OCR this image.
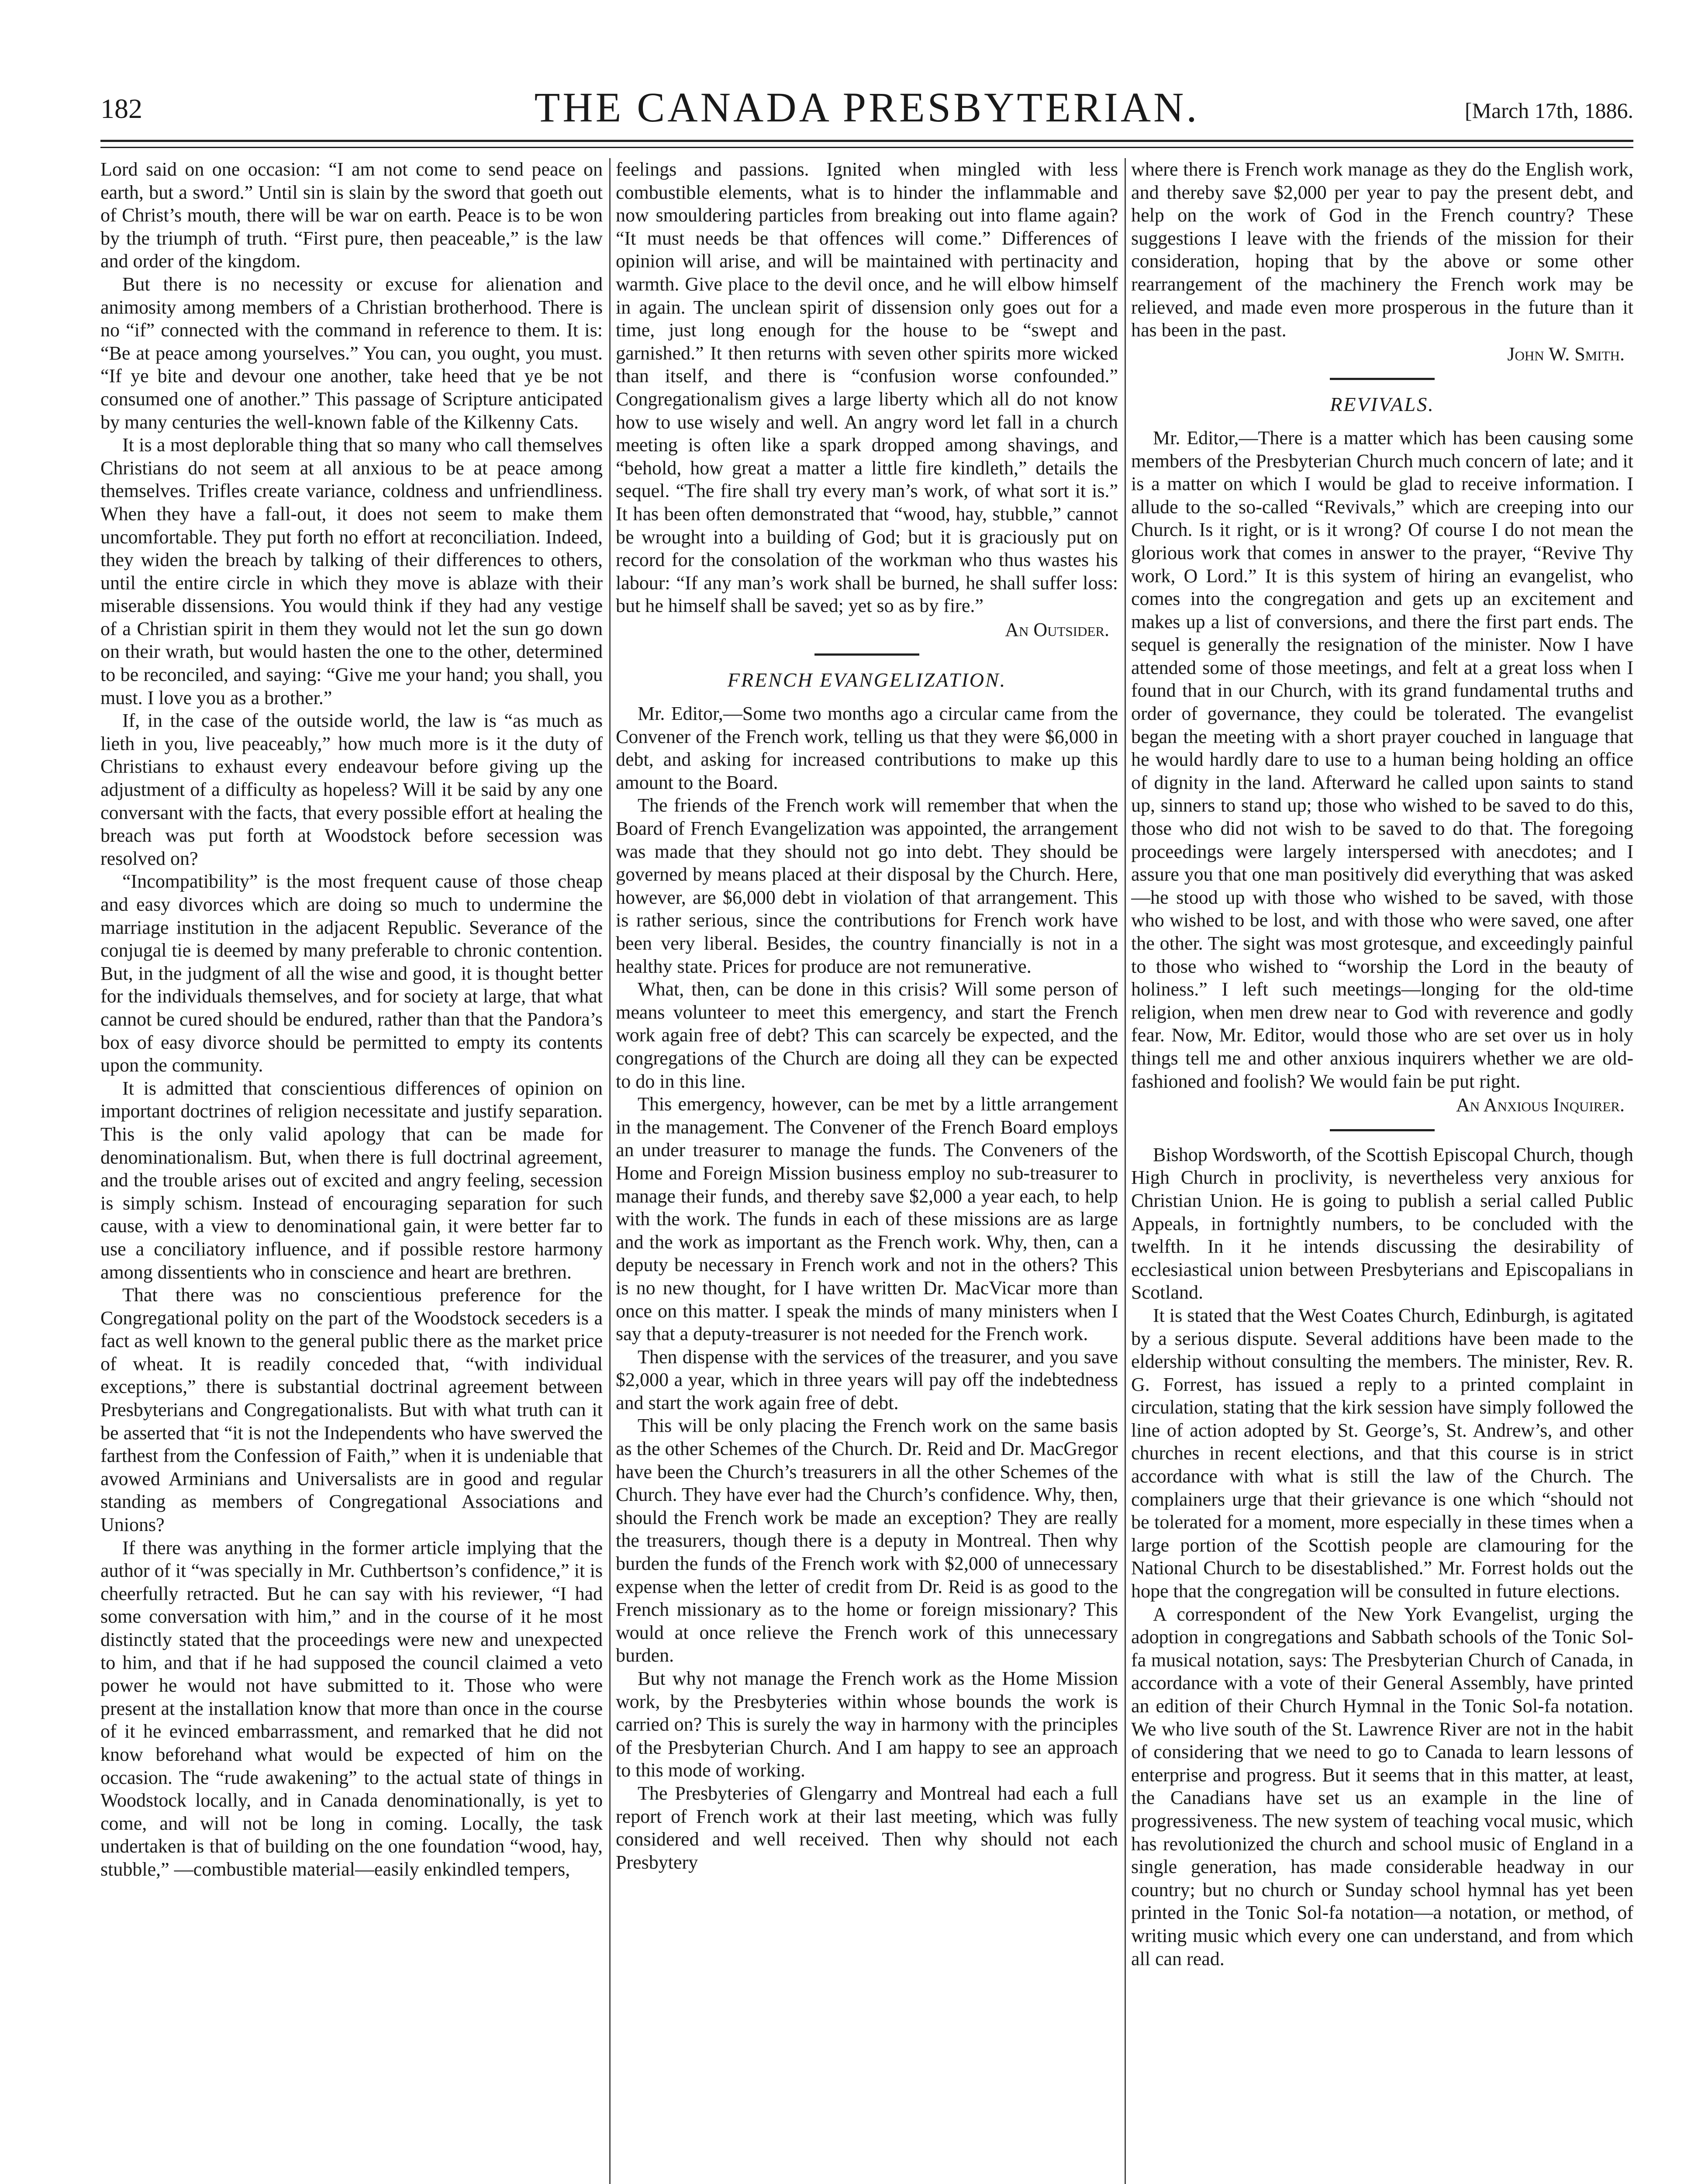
182	THE CANADA PRESBYTERIAN.	[March 17th, 1886.

Lord said on one occasion: “I am not come to send peace on earth, but a sword.” Until sin is slain by the sword that goeth out of Christ’s mouth, there will be war on earth. Peace is to be won by the triumph of truth. “First pure, then peaceable,” is the law and order of the kingdom.

But there is no necessity or excuse for alienation and animosity among members of a Christian brotherhood. There is no “if” connected with the command in reference to them. It is: “Be at peace among yourselves.” You can, you ought, you must. “If ye bite and devour one another, take heed that ye be not consumed one of another.” This passage of Scripture anticipated by many centuries the well-known fable of the Kilkenny Cats.

It is a most deplorable thing that so many who call themselves Christians do not seem at all anxious to be at peace among themselves. Trifles create variance, coldness and unfriendliness. When they have a fall-out, it does not seem to make them uncomfortable. They put forth no effort at reconciliation. Indeed, they widen the breach by talking of their differences to others, until the entire circle in which they move is ablaze with their miserable dissensions. You would think if they had any vestige of a Christian spirit in them they would not let the sun go down on their wrath, but would hasten the one to the other, determined to be reconciled, and saying: “Give me your hand; you shall, you must. I love you as a brother.”

If, in the case of the outside world, the law is “as much as lieth in you, live peaceably,” how much more is it the duty of Christians to exhaust every endeavour before giving up the adjustment of a difficulty as hopeless? Will it be said by any one conversant with the facts, that every possible effort at healing the breach was put forth at Woodstock before secession was resolved on?

“Incompatibility” is the most frequent cause of those cheap and easy divorces which are doing so much to undermine the marriage institution in the adjacent Republic. Severance of the conjugal tie is deemed by many preferable to chronic contention. But, in the judgment of all the wise and good, it is thought better for the individuals themselves, and for society at large, that what cannot be cured should be endured, rather than that the Pandora’s box of easy divorce should be permitted to empty its contents upon the community.

It is admitted that conscientious differences of opinion on important doctrines of religion necessitate and justify separation. This is the only valid apology that can be made for denominationalism. But, when there is full doctrinal agreement, and the trouble arises out of excited and angry feeling, secession is simply schism. Instead of encouraging separation for such cause, with a view to denominational gain, it were better far to use a conciliatory influence, and if possible restore harmony among dissentients who in conscience and heart are brethren.

That there was no conscientious preference for the Congregational polity on the part of the Woodstock seceders is a fact as well known to the general public there as the market price of wheat. It is readily conceded that, “with individual exceptions,” there is substantial doctrinal agreement between Presbyterians and Congregationalists. But with what truth can it be asserted that “it is not the Independents who have swerved the farthest from the Confession of Faith,” when it is undeniable that avowed Arminians and Universalists are in good and regular standing as members of Congregational Associations and Unions?

If there was anything in the former article implying that the author of it “was specially in Mr. Cuthbertson’s confidence,” it is cheerfully retracted. But he can say with his reviewer, “I had some conversation with him,” and in the course of it he most distinctly stated that the proceedings were new and unexpected to him, and that if he had supposed the council claimed a veto power he would not have submitted to it. Those who were present at the installation know that more than once in the course of it he evinced embarrassment, and remarked that he did not know beforehand what would be expected of him on the occasion. The “rude awakening” to the actual state of things in Woodstock locally, and in Canada denominationally, is yet to come, and will not be long in coming. Locally, the task undertaken is that of building on the one foundation “wood, hay, stubble,” —combustible material—easily enkindled tempers,

feelings and passions. Ignited when mingled with less combustible elements, what is to hinder the inflammable and now smouldering particles from breaking out into flame again? “It must needs be that offences will come.” Differences of opinion will arise, and will be maintained with pertinacity and warmth. Give place to the devil once, and he will elbow himself in again. The unclean spirit of dissension only goes out for a time, just long enough for the house to be “swept and garnished.” It then returns with seven other spirits more wicked than itself, and there is “confusion worse confounded.” Congregationalism gives a large liberty which all do not know how to use wisely and well. An angry word let fall in a church meeting is often like a spark dropped among shavings, and “behold, how great a matter a little fire kindleth,” details the sequel. “The fire shall try every man’s work, of what sort it is.” It has been often demonstrated that “wood, hay, stubble,” cannot be wrought into a building of God; but it is graciously put on record for the consolation of the workman who thus wastes his labour: “If any man’s work shall be burned, he shall suffer loss: but he himself shall be saved; yet so as by fire.”

An Outsider.
FRENCH EVANGELIZATION.

Mr. Editor,—Some two months ago a circular came from the Convener of the French work, telling us that they were $6,000 in debt, and asking for increased contributions to make up this amount to the Board.

The friends of the French work will remember that when the Board of French Evangelization was appointed, the arrangement was made that they should not go into debt. They should be governed by means placed at their disposal by the Church. Here, however, are $6,000 debt in violation of that arrangement. This is rather serious, since the contributions for French work have been very liberal. Besides, the country financially is not in a healthy state. Prices for produce are not remunerative.

What, then, can be done in this crisis? Will some person of means volunteer to meet this emergency, and start the French work again free of debt? This can scarcely be expected, and the congregations of the Church are doing all they can be expected to do in this line.

This emergency, however, can be met by a little arrangement in the management. The Convener of the French Board employs an under treasurer to manage the funds. The Conveners of the Home and Foreign Mission business employ no sub-treasurer to manage their funds, and thereby save $2,000 a year each, to help with the work. The funds in each of these missions are as large and the work as important as the French work. Why, then, can a deputy be necessary in French work and not in the others? This is no new thought, for I have written Dr. MacVicar more than once on this matter. I speak the minds of many ministers when I say that a deputy-treasurer is not needed for the French work.

Then dispense with the services of the treasurer, and you save $2,000 a year, which in three years will pay off the indebtedness and start the work again free of debt.

This will be only placing the French work on the same basis as the other Schemes of the Church. Dr. Reid and Dr. MacGregor have been the Church’s treasurers in all the other Schemes of the Church. They have ever had the Church’s confidence. Why, then, should the French work be made an exception? They are really the treasurers, though there is a deputy in Montreal. Then why burden the funds of the French work with $2,000 of unnecessary expense when the letter of credit from Dr. Reid is as good to the French missionary as to the home or foreign missionary? This would at once relieve the French work of this unnecessary burden.

But why not manage the French work as the Home Mission work, by the Presbyteries within whose bounds the work is carried on? This is surely the way in harmony with the principles of the Presbyterian Church. And I am happy to see an approach to this mode of working.

The Presbyteries of Glengarry and Montreal had each a full report of French work at their last meeting, which was fully considered and well received. Then why should not each Presbytery

where there is French work manage as they do the English work, and thereby save $2,000 per year to pay the present debt, and help on the work of God in the French country? These suggestions I leave with the friends of the mission for their consideration, hoping that by the above or some other rearrangement of the machinery the French work may be relieved, and made even more prosperous in the future than it has been in the past.

John W. Smith.
REVIVALS.

Mr. Editor,—There is a matter which has been causing some members of the Presbyterian Church much concern of late; and it is a matter on which I would be glad to receive information. I allude to the so-called “Revivals,” which are creeping into our Church. Is it right, or is it wrong? Of course I do not mean the glorious work that comes in answer to the prayer, “Revive Thy work, O Lord.” It is this system of hiring an evangelist, who comes into the congregation and gets up an excitement and makes up a list of conversions, and there the first part ends. The sequel is generally the resignation of the minister. Now I have attended some of those meetings, and felt at a great loss when I found that in our Church, with its grand fundamental truths and order of governance, they could be tolerated. The evangelist began the meeting with a short prayer couched in language that he would hardly dare to use to a human being holding an office of dignity in the land. Afterward he called upon saints to stand up, sinners to stand up; those who wished to be saved to do this, those who did not wish to be saved to do that. The foregoing proceedings were largely interspersed with anecdotes; and I assure you that one man positively did everything that was asked—he stood up with those who wished to be saved, with those who wished to be lost, and with those who were saved, one after the other. The sight was most grotesque, and exceedingly painful to those who wished to “worship the Lord in the beauty of holiness.” I left such meetings—longing for the old-time religion, when men drew near to God with reverence and godly fear. Now, Mr. Editor, would those who are set over us in holy things tell me and other anxious inquirers whether we are old-fashioned and foolish? We would fain be put right.

An Anxious Inquirer.

Bishop Wordsworth, of the Scottish Episcopal Church, though High Church in proclivity, is nevertheless very anxious for Christian Union. He is going to publish a serial called Public Appeals, in fortnightly numbers, to be concluded with the twelfth. In it he intends discussing the desirability of ecclesiastical union between Presbyterians and Episcopalians in Scotland.

It is stated that the West Coates Church, Edinburgh, is agitated by a serious dispute. Several additions have been made to the eldership without consulting the members. The minister, Rev. R. G. Forrest, has issued a reply to a printed complaint in circulation, stating that the kirk session have simply followed the line of action adopted by St. George’s, St. Andrew’s, and other churches in recent elections, and that this course is in strict accordance with what is still the law of the Church. The complainers urge that their grievance is one which “should not be tolerated for a moment, more especially in these times when a large portion of the Scottish people are clamouring for the National Church to be disestablished.” Mr. Forrest holds out the hope that the congregation will be consulted in future elections.

A correspondent of the New York Evangelist, urging the adoption in congregations and Sabbath schools of the Tonic Sol-fa musical notation, says: The Presbyterian Church of Canada, in accordance with a vote of their General Assembly, have printed an edition of their Church Hymnal in the Tonic Sol-fa notation. We who live south of the St. Lawrence River are not in the habit of considering that we need to go to Canada to learn lessons of enterprise and progress. But it seems that in this matter, at least, the Canadians have set us an example in the line of progressiveness. The new system of teaching vocal music, which has revolutionized the church and school music of England in a single generation, has made considerable headway in our country; but no church or Sunday school hymnal has yet been printed in the Tonic Sol-fa notation—a notation, or method, of writing music which every one can understand, and from which all can read.
